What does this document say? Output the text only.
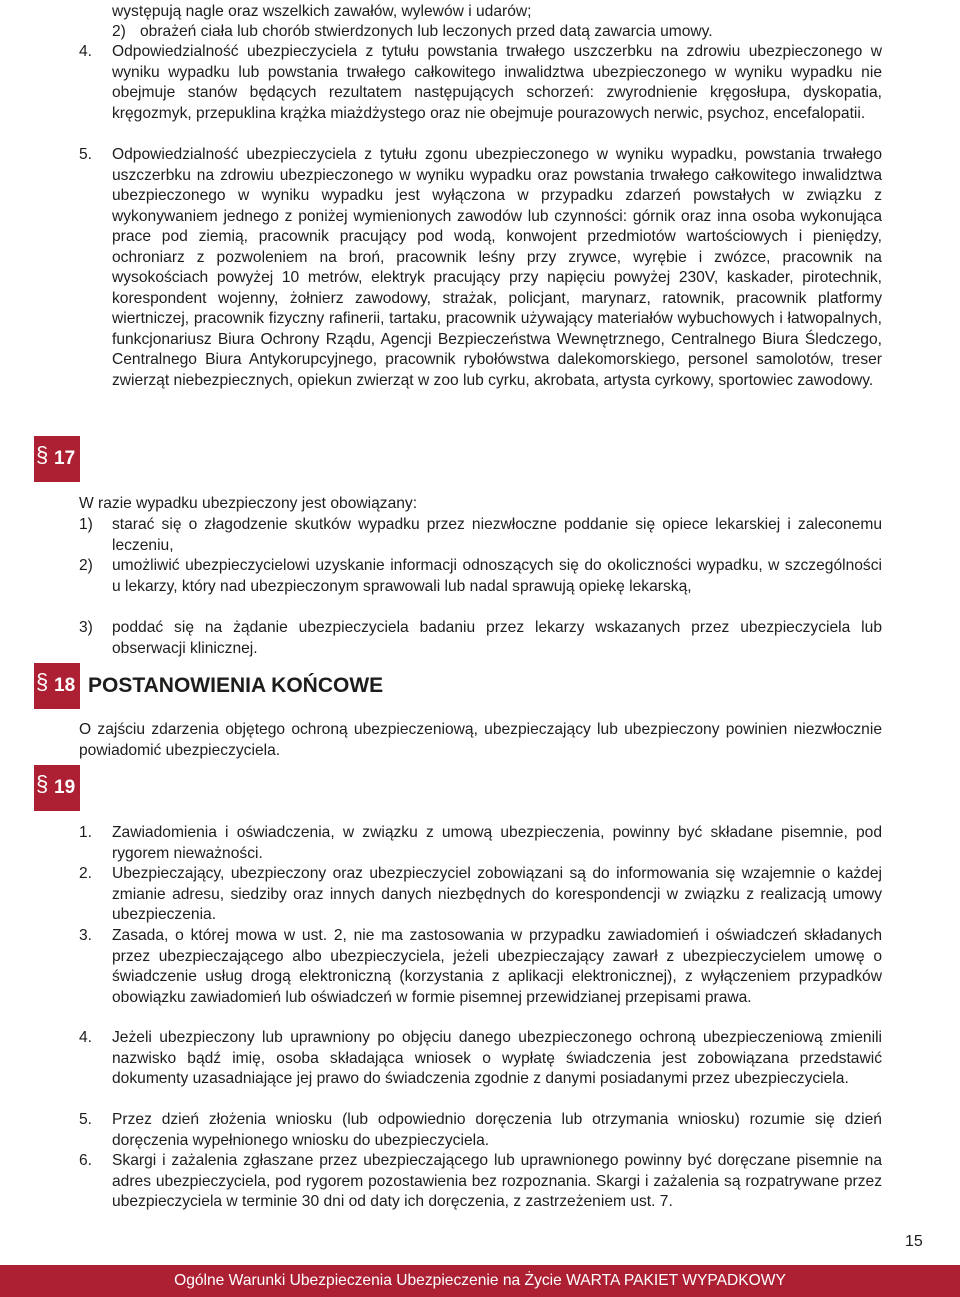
występują nagle oraz wszelkich zawałów, wylewów i udarów;
2) obrażeń ciała lub chorób stwierdzonych lub leczonych przed datą zawarcia umowy.
4.	Odpowiedzialność ubezpieczyciela z tytułu powstania trwałego uszczerbku na zdrowiu ubezpieczonego w wyniku wypadku lub powstania trwałego całkowitego inwalidztwa ubezpieczonego w wyniku wypadku nie obejmuje stanów będących rezultatem następujących schorzeń: zwyrodnienie kręgosłupa, dyskopatia, kręgozmyk, przepuklina krążka miażdżystego oraz nie obejmuje pourazowych nerwic, psychoz, encefalopatii.
5.	Odpowiedzialność ubezpieczyciela z tytułu zgonu ubezpieczonego w wyniku wypadku, powstania trwałego uszczerbku na zdrowiu ubezpieczonego w wyniku wypadku oraz powstania trwałego całkowitego inwalidztwa ubezpieczonego w wyniku wypadku jest wyłączona w przypadku zdarzeń powstałych w związku z wykonywaniem jednego z poniżej wymienionych zawodów lub czynności: górnik oraz inna osoba wykonująca prace pod ziemią, pracownik pracujący pod wodą, konwojent przedmiotów wartościowych i pieniędzy, ochroniarz z pozwoleniem na broń, pracownik leśny przy zrywce, wyrębie i zwózce, pracownik na wysokościach powyżej 10 metrów, elektryk pracujący przy napięciu powyżej 230V, kaskader, pirotechnik, korespondent wojenny, żołnierz zawodowy, strażak, policjant, marynarz, ratownik, pracownik platformy wiertniczej, pracownik fizyczny rafinerii, tartaku, pracownik używający materiałów wybuchowych i łatwopalnych, funkcjonariusz Biura Ochrony Rządu, Agencji Bezpieczeństwa Wewnętrznego, Centralnego Biura Śledczego, Centralnego Biura Antykorupcyjnego, pracownik rybołówstwa dalekomorskiego, personel samolotów, treser zwierząt niebezpiecznych, opiekun zwierząt w zoo lub cyrku, akrobata, artysta cyrkowy, sportowiec zawodowy.
§ 17
W razie wypadku ubezpieczony jest obowiązany:
1)	starać się o złagodzenie skutków wypadku przez niezwłoczne poddanie się opiece lekarskiej i zaleconemu leczeniu,
2)	umożliwić ubezpieczycielowi uzyskanie informacji odnoszących się do okoliczności wypadku, w szczególności u lekarzy, który nad ubezpieczonym sprawowali lub nadal sprawują opiekę lekarską,
3)	poddać się na żądanie ubezpieczyciela badaniu przez lekarzy wskazanych przez ubezpieczyciela lub obserwacji klinicznej.
§ 18 POSTANOWIENIA KOŃCOWE
O zajściu zdarzenia objętego ochroną ubezpieczeniową, ubezpieczający lub ubezpieczony powinien niezwłocznie powiadomić ubezpieczyciela.
§ 19
1.	Zawiadomienia i oświadczenia, w związku z umową ubezpieczenia, powinny być składane pisemnie, pod rygorem nieważności.
2.	Ubezpieczający, ubezpieczony oraz ubezpieczyciel zobowiązani są do informowania się wzajemnie o każdej zmianie adresu, siedziby oraz innych danych niezbędnych do korespondencji w związku z realizacją umowy ubezpieczenia.
3.	Zasada, o której mowa w ust. 2, nie ma zastosowania w przypadku zawiadomień i oświadczeń składanych przez ubezpieczającego albo ubezpieczyciela, jeżeli ubezpieczający zawarł z ubezpieczycielem umowę o świadczenie usług drogą elektroniczną (korzystania z aplikacji elektronicznej), z wyłączeniem przypadków obowiązku zawiadomień lub oświadczeń w formie pisemnej przewidzianej przepisami prawa.
4.	Jeżeli ubezpieczony lub uprawniony po objęciu danego ubezpieczonego ochroną ubezpieczeniową zmienili nazwisko bądź imię, osoba składająca wniosek o wypłatę świadczenia jest zobowiązana przedstawić dokumenty uzasadniające jej prawo do świadczenia zgodnie z danymi posiadanymi przez ubezpieczyciela.
5.	Przez dzień złożenia wniosku (lub odpowiednio doręczenia lub otrzymania wniosku) rozumie się dzień doręczenia wypełnionego wniosku do ubezpieczyciela.
6.	Skargi i zażalenia zgłaszane przez ubezpieczającego lub uprawnionego powinny być doręczane pisemnie na adres ubezpieczyciela, pod rygorem pozostawienia bez rozpoznania. Skargi i zażalenia są rozpatrywane przez ubezpieczyciela w terminie 30 dni od daty ich doręczenia, z zastrzeżeniem ust. 7.
15
Ogólne Warunki Ubezpieczenia Ubezpieczenie na Życie WARTA PAKIET WYPADKOWY
